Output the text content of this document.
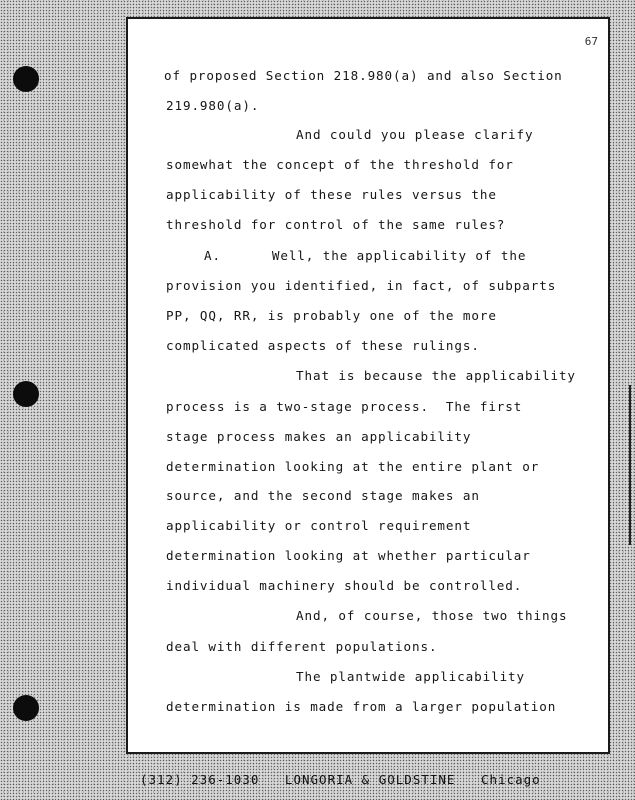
67
of proposed Section 218.980(a) and also Section
219.980(a).
And could you please clarify
somewhat the concept of the threshold for
applicability of these rules versus the
threshold for control of the same rules?
A.      Well, the applicability of the
provision you identified, in fact, of subparts
PP, QQ, RR, is probably one of the more
complicated aspects of these rulings.
That is because the applicability
process is a two-stage process.  The first
stage process makes an applicability
determination looking at the entire plant or
source, and the second stage makes an
applicability or control requirement
determination looking at whether particular
individual machinery should be controlled.
And, of course, those two things
deal with different populations.
The plantwide applicability
determination is made from a larger population
(312) 236-1030   LONGORIA & GOLDSTINE   Chicago
